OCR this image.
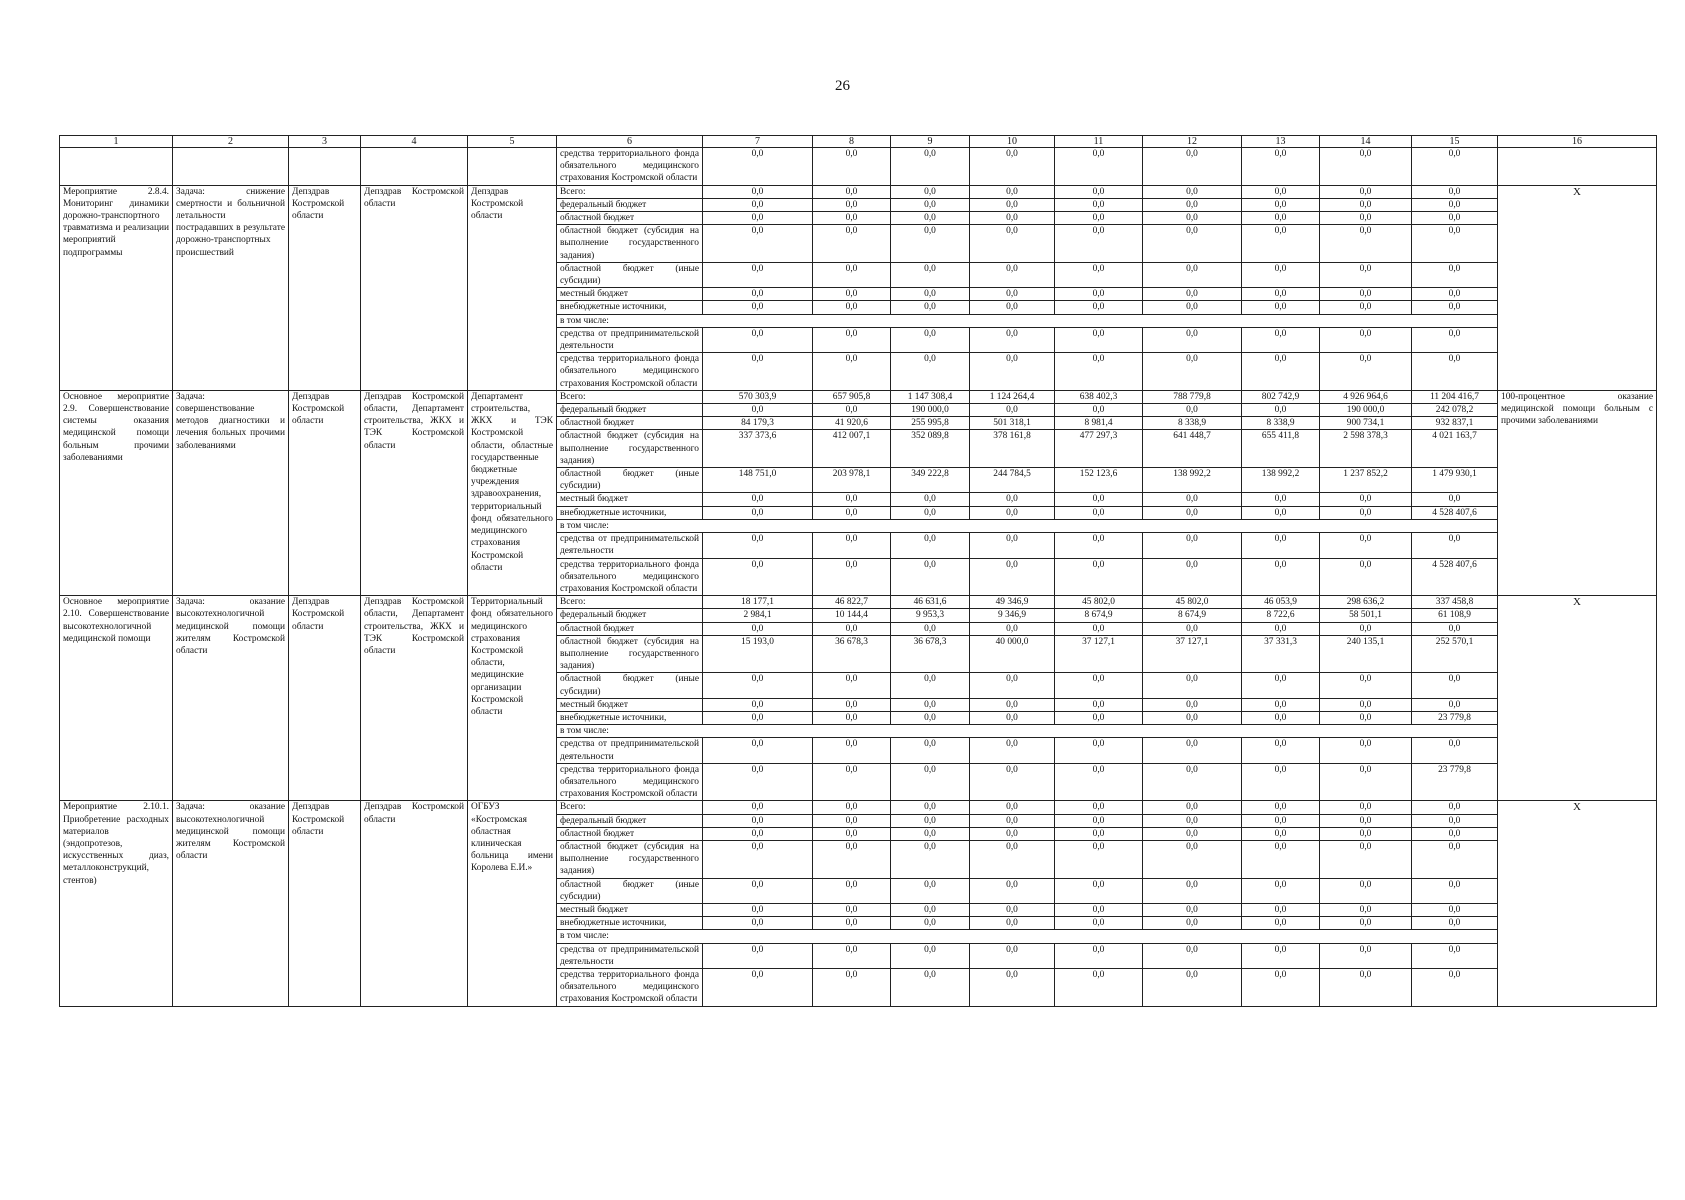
26
1	2	3	4	5	6	7	8	9	10	11	12	13	14	15	16
					средства территориального фонда обязательного медицинского страхования Костромской области	0,0	0,0	0,0	0,0	0,0	0,0	0,0	0,0	0,0	
Мероприятие 2.8.4. Мониторинг динамики дорожно-транспортного травматизма и реализации мероприятий подпрограммы	Задача: снижение смертности и больничной летальности пострадавших в результате дорожно-транспортных происшествий	Депздрав Костромской области	Депздрав Костромской области	Депздрав Костромской области	Всего:	0,0	0,0	0,0	0,0	0,0	0,0	0,0	0,0	0,0	Х
					федеральный бюджет	0,0	0,0	0,0	0,0	0,0	0,0	0,0	0,0	0,0	
					областной бюджет	0,0	0,0	0,0	0,0	0,0	0,0	0,0	0,0	0,0	
					областной бюджет (субсидия на выполнение государственного задания)	0,0	0,0	0,0	0,0	0,0	0,0	0,0	0,0	0,0	
					областной бюджет (иные субсидии)	0,0	0,0	0,0	0,0	0,0	0,0	0,0	0,0	0,0	
					местный бюджет	0,0	0,0	0,0	0,0	0,0	0,0	0,0	0,0	0,0	
					внебюджетные источники,	0,0	0,0	0,0	0,0	0,0	0,0	0,0	0,0	0,0	
					в том числе:										
					средства от предпринимательской деятельности	0,0	0,0	0,0	0,0	0,0	0,0	0,0	0,0	0,0	
					средства территориального фонда обязательного медицинского страхования Костромской области	0,0	0,0	0,0	0,0	0,0	0,0	0,0	0,0	0,0	
Основное мероприятие 2.9. Совершенствование системы оказания медицинской помощи больным прочими заболеваниями	Задача: совершенствование методов диагностики и лечения больных прочими заболеваниями	Депздрав Костромской области	Депздрав Костромской области, Департамент строительства, ЖКХ и ТЭК Костромской области	Департамент строительства, ЖКХ и ТЭК Костромской области, областные государственные бюджетные учреждения здравоохранения, территориальный фонд обязательного медицинского страхования Костромской области	Всего:	570 303,9	657 905,8	1 147 308,4	1 124 264,4	638 402,3	788 779,8	802 742,9	4 926 964,6	11 204 416,7	100-процентное оказание медицинской помощи больным с прочими заболеваниями
					федеральный бюджет	0,0	0,0	190 000,0	0,0	0,0	0,0	0,0	190 000,0	242 078,2	
					областной бюджет	84 179,3	41 920,6	255 995,8	501 318,1	8 981,4	8 338,9	8 338,9	900 734,1	932 837,1	
					областной бюджет (субсидия на выполнение государственного задания)	337 373,6	412 007,1	352 089,8	378 161,8	477 297,3	641 448,7	655 411,8	2 598 378,3	4 021 163,7	
					областной бюджет (иные субсидии)	148 751,0	203 978,1	349 222,8	244 784,5	152 123,6	138 992,2	138 992,2	1 237 852,2	1 479 930,1	
					местный бюджет	0,0	0,0	0,0	0,0	0,0	0,0	0,0	0,0	0,0	
					внебюджетные источники,	0,0	0,0	0,0	0,0	0,0	0,0	0,0	0,0	4 528 407,6	
					в том числе:										
					средства от предпринимательской деятельности	0,0	0,0	0,0	0,0	0,0	0,0	0,0	0,0	0,0	
					средства территориального фонда обязательного медицинского страхования Костромской области	0,0	0,0	0,0	0,0	0,0	0,0	0,0	0,0	4 528 407,6	
Основное мероприятие 2.10. Совершенствование высокотехнологичной медицинской помощи	Задача: оказание высокотехнологичной медицинской помощи жителям Костромской области	Депздрав Костромской области	Депздрав Костромской области, Департамент строительства, ЖКХ и ТЭК Костромской области	Территориальный фонд обязательного медицинского страхования Костромской области, медицинские организации Костромской области	Всего:	18 177,1	46 822,7	46 631,6	49 346,9	45 802,0	45 802,0	46 053,9	298 636,2	337 458,8	Х
					федеральный бюджет	2 984,1	10 144,4	9 953,3	9 346,9	8 674,9	8 674,9	8 722,6	58 501,1	61 108,9	
					областной бюджет	0,0	0,0	0,0	0,0	0,0	0,0	0,0	0,0	0,0	
					областной бюджет (субсидия на выполнение государственного задания)	15 193,0	36 678,3	36 678,3	40 000,0	37 127,1	37 127,1	37 331,3	240 135,1	252 570,1	
					областной бюджет (иные субсидии)	0,0	0,0	0,0	0,0	0,0	0,0	0,0	0,0	0,0	
					местный бюджет	0,0	0,0	0,0	0,0	0,0	0,0	0,0	0,0	0,0	
					внебюджетные источники,	0,0	0,0	0,0	0,0	0,0	0,0	0,0	0,0	23 779,8	
					в том числе:										
					средства от предпринимательской деятельности	0,0	0,0	0,0	0,0	0,0	0,0	0,0	0,0	0,0	
					средства территориального фонда обязательного медицинского страхования Костромской области	0,0	0,0	0,0	0,0	0,0	0,0	0,0	0,0	23 779,8	
Мероприятие 2.10.1. Приобретение расходных материалов (эндопротезов, искусственных диаз, металлоконструкций, стентов)	Задача: оказание высокотехнологичной медицинской помощи жителям Костромской области	Депздрав Костромской области	Депздрав Костромской области	ОГБУЗ «Костромская областная клиническая больница имени Королева Е.И.»	Всего:	0,0	0,0	0,0	0,0	0,0	0,0	0,0	0,0	0,0	Х
					федеральный бюджет	0,0	0,0	0,0	0,0	0,0	0,0	0,0	0,0	0,0	
					областной бюджет	0,0	0,0	0,0	0,0	0,0	0,0	0,0	0,0	0,0	
					областной бюджет (субсидия на выполнение государственного задания)	0,0	0,0	0,0	0,0	0,0	0,0	0,0	0,0	0,0	
					областной бюджет (иные субсидии)	0,0	0,0	0,0	0,0	0,0	0,0	0,0	0,0	0,0	
					местный бюджет	0,0	0,0	0,0	0,0	0,0	0,0	0,0	0,0	0,0	
					внебюджетные источники,	0,0	0,0	0,0	0,0	0,0	0,0	0,0	0,0	0,0	
					в том числе:										
					средства от предпринимательской деятельности	0,0	0,0	0,0	0,0	0,0	0,0	0,0	0,0	0,0	
					средства территориального фонда обязательного медицинского страхования Костромской области	0,0	0,0	0,0	0,0	0,0	0,0	0,0	0,0	0,0	
